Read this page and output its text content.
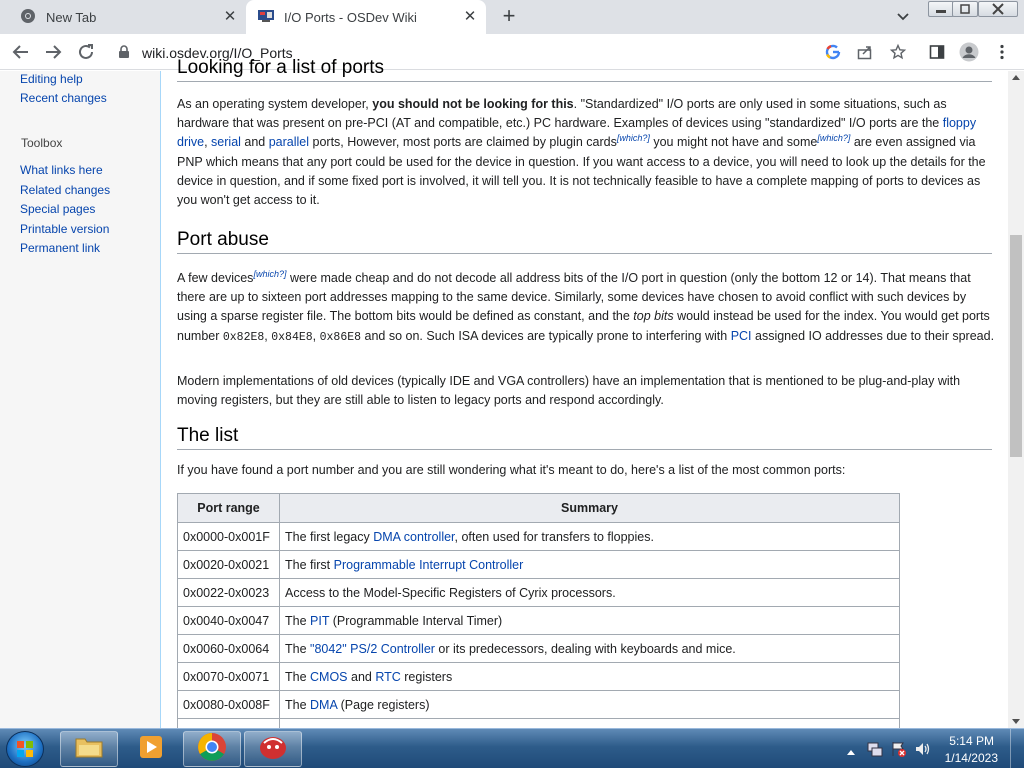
New Tab	✕	I/O Ports - OSDev Wiki	✕ +
wiki.osdev.org/I/O_Ports
Editing help
Recent changes
Toolbox
What links here
Related changes
Special pages
Printable version
Permanent link
Looking for a list of ports
As an operating system developer, you should not be looking for this. "Standardized" I/O ports are only used in some situations, such as hardware that was present on pre-PCI (AT and compatible, etc.) PC hardware. Examples of devices using "standardized" I/O ports are the floppy drive, serial and parallel ports, However, most ports are claimed by plugin cards[which?] you might not have and some[which?] are even assigned via PNP which means that any port could be used for the device in question. If you want access to a device, you will need to look up the details for the device in question, and if some fixed port is involved, it will tell you. It is not technically feasible to have a complete mapping of ports to devices as you won't get access to it.
Port abuse
A few devices[which?] were made cheap and do not decode all address bits of the I/O port in question (only the bottom 12 or 14). That means that there are up to sixteen port addresses mapping to the same device. Similarly, some devices have chosen to avoid conflict with such devices by using a sparse register file. The bottom bits would be defined as constant, and the top bits would instead be used for the index. You would get ports number 0x82E8, 0x84E8, 0x86E8 and so on. Such ISA devices are typically prone to interfering with PCI assigned IO addresses due to their spread.
Modern implementations of old devices (typically IDE and VGA controllers) have an implementation that is mentioned to be plug-and-play with moving registers, but they are still able to listen to legacy ports and respond accordingly.
The list
If you have found a port number and you are still wondering what it's meant to do, here's a list of the most common ports:
Port range	Summary
0x0000-0x001F	The first legacy DMA controller, often used for transfers to floppies.
0x0020-0x0021	The first Programmable Interrupt Controller
0x0022-0x0023	Access to the Model-Specific Registers of Cyrix processors.
0x0040-0x0047	The PIT (Programmable Interval Timer)
0x0060-0x0064	The "8042" PS/2 Controller or its predecessors, dealing with keyboards and mice.
0x0070-0x0071	The CMOS and RTC registers
0x0080-0x008F	The DMA (Page registers)

5:14 PM
1/14/2023
